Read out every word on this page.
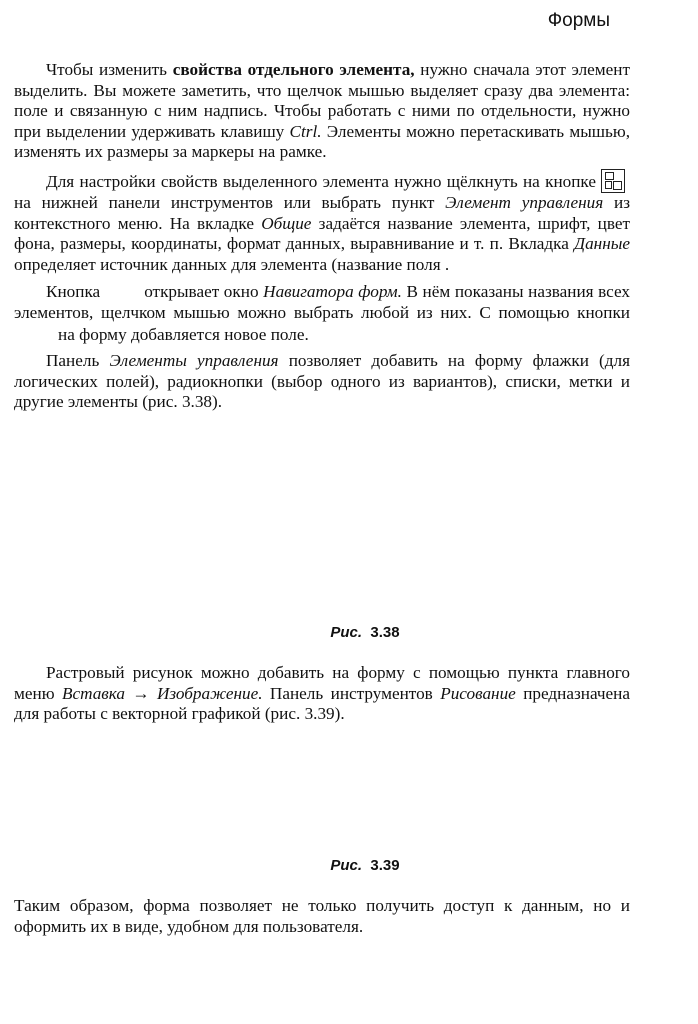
Формы

Чтобы изменить свойства отдельного элемента, нужно сначала этот элемент выделить. Вы можете заметить, что щелчок мышью выделяет сразу два элемента: поле и связанную с ним надпись. Чтобы работать с ними по отдельности, нужно при выделении удерживать клавишу Ctrl. Элементы можно перетаскивать мышью, изменять их размеры за маркеры на рамке.

Для настройки свойств выделенного элемента нужно щёлкнуть на кнопке
на нижней панели инструментов или выбрать пункт Элемент управления из контекстного меню. На вкладке Общие задаётся название элемента, шрифт, цвет фона, размеры, координаты, формат данных, выравнивание и т. п. Вкладка Данные определяет источник данных для элемента (название поля .

Кнопка	открывает окно Навигатора форм. В нём показаны названия всех элементов, щелчком мышью можно выбрать любой из них. С помощью кнопкина форму добавляется новое поле.

Панель Элементы управления позволяет добавить на форму флажки (для логических полей), радиокнопки (выбор одного из вариантов), списки, метки и другие элементы (рис. 3.38).

Рис. 3.38

Растровый рисунок можно добавить на форму с помощью пункта главного меню Вставка → Изображение. Панель инструментов Рисование предназначена для работы с векторной графикой (рис. 3.39).

Рис. 3.39

Таким образом, форма позволяет не только получить доступ к данным, но и оформить их в виде, удобном для пользователя.
